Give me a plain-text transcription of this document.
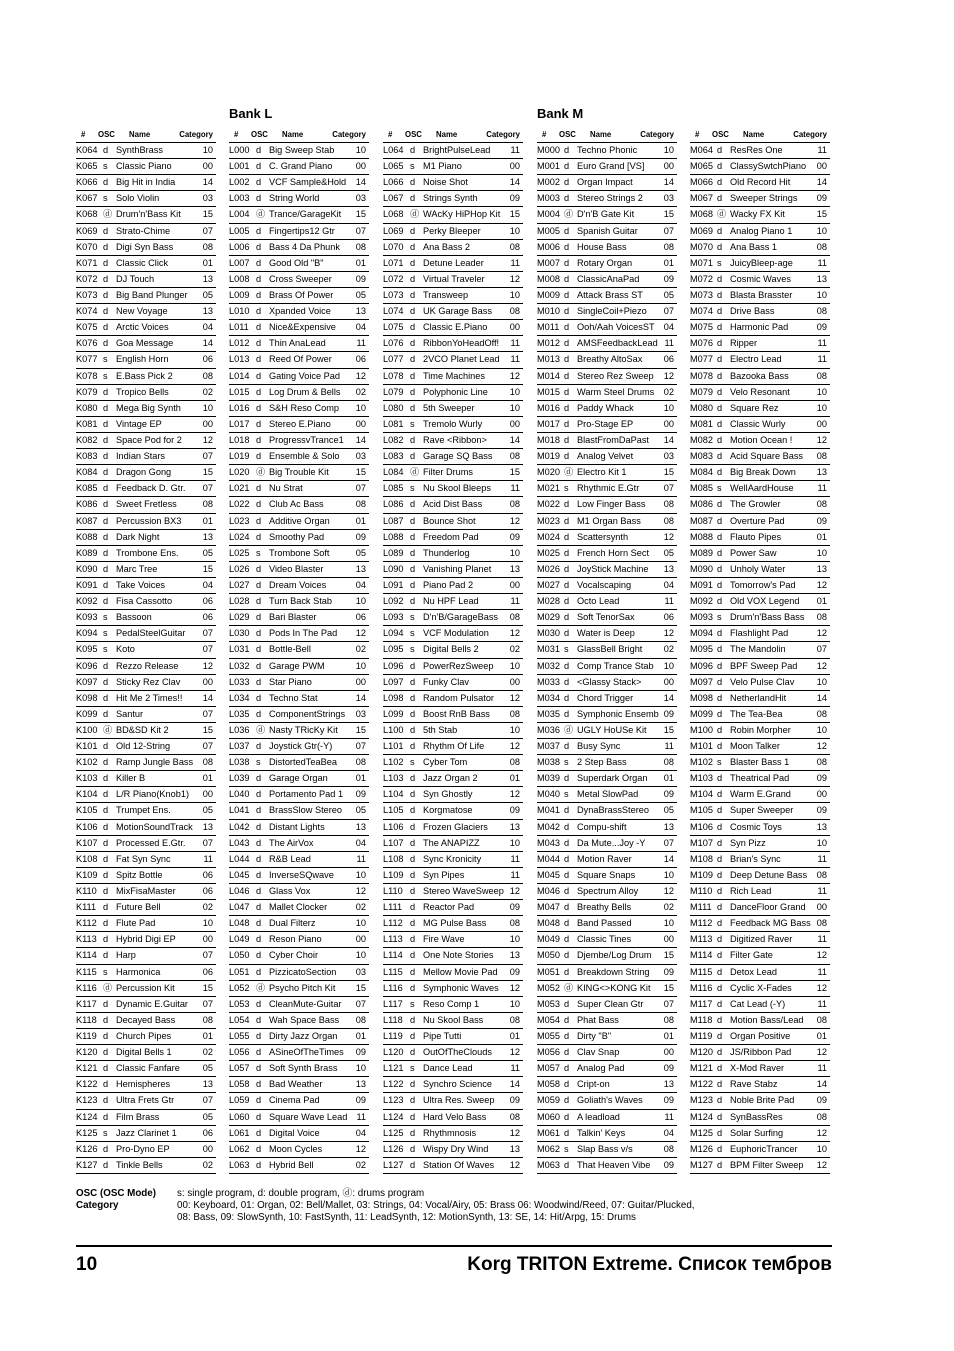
Bank L	Bank M
# OSC Name	Category
K064 d SynthBrass	10
K065 s Classic Piano	00
K066 d Big Hit in India	14
K067 s Solo Violin	03
K068 ⓓ Drum'n'Bass Kit 15
K069 d Strato-Chime	07
K070 d Digi Syn Bass	08
K071 d Classic Click	01
K072 d DJ Touch	13
K073 d Big Band Plunger 05
K074 d New Voyage	13
K075 d Arctic Voices	04
K076 d Goa Message	14
K077 s English Horn	06
K078 s E.Bass Pick 2	08
K079 d Tropico Bells	02
K080 d Mega Big Synth 10
K081 d Vintage EP	00
K082 d Space Pod for 2 12
K083 d Indian Stars	07
K084 d Dragon Gong	15
K085 d Feedback D. Gtr. 07
K086 d Sweet Fretless	08
K087 d Percussion BX3 01
K088 d Dark Night	13
K089 d Trombone Ens.	05
K090 d Marc Tree	15
K091 d Take Voices	04
K092 d Fisa Cassotto	06
K093 s Bassoon	06
K094 s PedalSteelGuitar 07
K095 s Koto	07
K096 d Rezzo Release	12
K097 d Sticky Rez Clav 00
K098 d Hit Me 2 Times!! 14
K099 d Santur	07
K100 ⓓ BD&SD Kit 2	15
K101 d Old 12-String	07
K102 d Ramp Jungle Bass 08
K103 d Killer B	01
K104 d L/R Piano(Knob1) 00
K105 d Trumpet Ens.	05
K106 d MotionSoundTrack 13
K107 d Processed E.Gtr. 07
K108 d Fat Syn Sync	11
K109 d Spitz Bottle	06
K110 d MixFisaMaster	06
K111 d Future Bell	02
K112 d Flute Pad	10
K113 d Hybrid Digi EP	00
K114 d Harp	07
K115 s Harmonica	06
K116 ⓓ Percussion Kit	15
K117 d Dynamic E.Guitar 07
K118 d Decayed Bass	08
K119 d Church Pipes	01
K120 d Digital Bells 1	02
K121 d Classic Fanfare 05
K122 d Hemispheres	13
K123 d Ultra Frets Gtr	07
K124 d Film Brass	05
K125 s Jazz Clarinet 1	06
K126 d Pro-Dyno EP	00
K127 d Tinkle Bells	02
# OSC Name	Category
L000 d Big Sweep Stab 10
L001 d C. Grand Piano	00
L002 d VCF Sample&Hold 14
L003 d String World	03
L004 ⓓ Trance/GarageKit 15
L005 d Fingertips12 Gtr 07
L006 d Bass 4 Da Phunk 08
L007 d Good Old "B"	01
L008 d Cross Sweeper	09
L009 d Brass Of Power 05
L010 d Xpanded Voice	13
L011 d Nice&Expensive 04
L012 d Thin AnaLead	11
L013 d Reed Of Power	06
L014 d Gating Voice Pad 12
L015 d Log Drum & Bells 02
L016 d S&H Reso Comp 10
L017 d Stereo E.Piano	00
L018 d ProgressvTrance1 14
L019 d Ensemble & Solo 03
L020 ⓓ Big Trouble Kit	15
L021 d Nu Strat	07
L022 d Club Ac Bass	08
L023 d Additive Organ	01
L024 d Smoothy Pad	09
L025 s Trombone Soft	05
L026 d Video Blaster	13
L027 d Dream Voices	04
L028 d Turn Back Stab	10
L029 d Bari Blaster	06
L030 d Pods In The Pad 12
L031 d Bottle-Bell	02
L032 d Garage PWM	10
L033 d Star Piano	00
L034 d Techno Stat	14
L035 d ComponentStrings 03
L036 ⓓ Nasty TRicKy Kit 15
L037 d Joystick Gtr(-Y)	07
L038 s DistortedTeaBea 08
L039 d Garage Organ	01
L040 d Portamento Pad 1 09
L041 d BrassSlow Stereo 05
L042 d Distant Lights	13
L043 d The AirVox	04
L044 d R&B Lead	11
L045 d InverseSQwave 10
L046 d Glass Vox	12
L047 d Mallet Clocker	02
L048 d Dual Filterz	10
L049 d Reson Piano	00
L050 d Cyber Choir	10
L051 d PizzicatoSection 03
L052 ⓓ Psycho Pitch Kit 15
L053 d CleanMute-Guitar 07
L054 d Wah Space Bass 08
L055 d Dirty Jazz Organ 01
L056 d ASineOfTheTimes 09
L057 d Soft Synth Brass 10
L058 d Bad Weather	13
L059 d Cinema Pad	09
L060 d Square Wave Lead 11
L061 d Digital Voice	04
L062 d Moon Cycles	12
L063 d Hybrid Bell	02
# OSC Name	Category
L064 d BrightPulseLead 11
L065 s M1 Piano	00
L066 d Noise Shot	14
L067 d Strings Synth	09
L068 ⓓ WAcKy HiPHop Kit 15
L069 d Perky Bleeper	10
L070 d Ana Bass 2	08
L071 d Detune Leader	11
L072 d Virtual Traveler	12
L073 d Transweep	10
L074 d UK Garage Bass 08
L075 d Classic E.Piano 00
L076 d RibbonYoHeadOff! 11
L077 d 2VCO Planet Lead 11
L078 d Time Machines	12
L079 d Polyphonic Line 10
L080 d 5th Sweeper	10
L081 s Tremolo Wurly	00
L082 d Rave <Ribbon> 14
L083 d Garage SQ Bass 08
L084 ⓓ Filter Drums	15
L085 s Nu Skool Bleeps 11
L086 d Acid Dist Bass	08
L087 d Bounce Shot	12
L088 d Freedom Pad	09
L089 d Thunderlog	10
L090 d Vanishing Planet 13
L091 d Piano Pad 2	00
L092 d Nu HPF Lead	11
L093 s D'n'B/GarageBass 08
L094 s VCF Modulation 12
L095 s Digital Bells 2	02
L096 d PowerRezSweep 10
L097 d Funky Clav	00
L098 d Random Pulsator 12
L099 d Boost RnB Bass 08
L100 d 5th Stab	10
L101 d Rhythm Of Life	12
L102 s Cyber Tom	08
L103 d Jazz Organ 2	01
L104 d Syn Ghostly	12
L105 d Korgmatose	09
L106 d Frozen Glaciers 13
L107 d The ANAPIZZ	10
L108 d Sync Kronicity	11
L109 d Syn Pipes	11
L110 d Stereo WaveSweep 12
L111 d Reactor Pad	09
L112 d MG Pulse Bass	08
L113 d Fire Wave	10
L114 d One Note Stories 13
L115 d Mellow Movie Pad 09
L116 d Symphonic Waves 12
L117 s Reso Comp 1	10
L118 d Nu Skool Bass	08
L119 d Pipe Tutti	01
L120 d OutOfTheClouds 12
L121 s Dance Lead	11
L122 d Synchro Science 14
L123 d Ultra Res. Sweep 09
L124 d Hard Velo Bass	08
L125 d Rhythmnosis	12
L126 d Wispy Dry Wind 13
L127 d Station Of Waves 12
# OSC Name	Category
M000 d Techno Phonic	10
M001 d Euro Grand [VS] 00
M002 d Organ Impact	14
M003 d Stereo Strings 2 03
M004 ⓓ D'n'B Gate Kit	15
M005 d Spanish Guitar	07
M006 d House Bass	08
M007 d Rotary Organ	01
M008 d ClassicAnaPad	09
M009 d Attack Brass ST 05
M010 d SingleCoil+Piezo 07
M011 d Ooh/Aah VoicesST 04
M012 d AMSFeedbackLead 11
M013 d Breathy AltoSax 06
M014 d Stereo Rez Sweep 12
M015 d Warm Steel Drums 02
M016 d Paddy Whack	10
M017 d Pro-Stage EP	00
M018 d BlastFromDaPast 14
M019 d Analog Velvet	03
M020 ⓓ Electro Kit 1	15
M021 s Rhythmic E.Gtr	07
M022 d Low Finger Bass 08
M023 d M1 Organ Bass 08
M024 d Scattersynth	12
M025 d French Horn Sect 05
M026 d JoyStick Machine 13
M027 d Vocalscaping	04
M028 d Octo Lead	11
M029 d Soft TenorSax	06
M030 d Water is Deep	12
M031 s GlassBell Bright 02
M032 d Comp Trance Stab 10
M033 d <Glassy Stack> 00
M034 d Chord Trigger	14
M035 d Symphonic Ensemb 09
M036 ⓓ UGLY HoUSe Kit 15
M037 d Busy Sync	11
M038 s 2 Step Bass	08
M039 d Superdark Organ 01
M040 s Metal SlowPad	09
M041 d DynaBrassStereo 05
M042 d Compu-shift	13
M043 d Da Mute...Joy -Y 07
M044 d Motion Raver	14
M045 d Square Snaps	10
M046 d Spectrum Alloy	12
M047 d Breathy Bells	02
M048 d Band Passed	10
M049 d Classic Tines	00
M050 d Djembe/Log Drum 15
M051 d Breakdown String 09
M052 ⓓ KING<>KONG Kit 15
M053 d Super Clean Gtr 07
M054 d Phat Bass	08
M055 d Dirty "B"	01
M056 d Clav Snap	00
M057 d Analog Pad	09
M058 d Cript-on	13
M059 d Goliath's Waves 09
M060 d A leadload	11
M061 d Talkin' Keys	04
M062 s Slap Bass v/s	08
M063 d That Heaven Vibe 09
# OSC Name	Category
M064 d ResRes One	11
M065 d ClassySwtchPiano 00
M066 d Old Record Hit	14
M067 d Sweeper Strings 09
M068 ⓓ Wacky FX Kit	15
M069 d Analog Piano 1	10
M070 d Ana Bass 1	08
M071 s JuicyBleep-age	11
M072 d Cosmic Waves	13
M073 d Blasta Brasster	10
M074 d Drive Bass	08
M075 d Harmonic Pad	09
M076 d Ripper	11
M077 d Electro Lead	11
M078 d Bazooka Bass	08
M079 d Velo Resonant	10
M080 d Square Rez	10
M081 d Classic Wurly	00
M082 d Motion Ocean !	12
M083 d Acid Square Bass 08
M084 d Big Break Down 13
M085 s WellAardHouse	11
M086 d The Growler	08
M087 d Overture Pad	09
M088 d Flauto Pipes	01
M089 d Power Saw	10
M090 d Unholy Water	13
M091 d Tomorrow's Pad 12
M092 d Old VOX Legend 01
M093 s Drum'n'Bass Bass 08
M094 d Flashlight Pad	12
M095 d The Mandolin	07
M096 d BPF Sweep Pad 12
M097 d Velo Pulse Clav 10
M098 d NetherlandHit	14
M099 d The Tea-Bea	08
M100 d Robin Morpher	10
M101 d Moon Talker	12
M102 s Blaster Bass 1	08
M103 d Theatrical Pad	09
M104 d Warm E.Grand	00
M105 d Super Sweeper	09
M106 d Cosmic Toys	13
M107 d Syn Pizz	10
M108 d Brian's Sync	11
M109 d Deep Detune Bass 08
M110 d Rich Lead	11
M111 d DanceFloor Grand 00
M112 d Feedback MG Bass 08
M113 d Digitized Raver	11
M114 d Filter Gate	12
M115 d Detox Lead	11
M116 d Cyclic X-Fades	12
M117 d Cat Lead (-Y)	11
M118 d Motion Bass/Lead 08
M119 d Organ Positive	01
M120 d JS/Ribbon Pad	12
M121 d X-Mod Raver	11
M122 d Rave Stabz	14
M123 d Noble Brite Pad 09
M124 d SynBassRes	08
M125 d Solar Surfing	12
M126 d EuphoricTrancer 10
M127 d BPM Filter Sweep 12
OSC (OSC Mode) s: single program, d: double program, ⓓ: drums program
Category	00: Keyboard, 01: Organ, 02: Bell/Mallet, 03: Strings, 04: Vocal/Airy, 05: Brass 06: Woodwind/Reed, 07: Guitar/Plucked,
08: Bass, 09: SlowSynth, 10: FastSynth, 11: LeadSynth, 12: MotionSynth, 13: SE, 14: Hit/Arpg, 15: Drums
10	Korg TRITON Extreme. Список тембров
